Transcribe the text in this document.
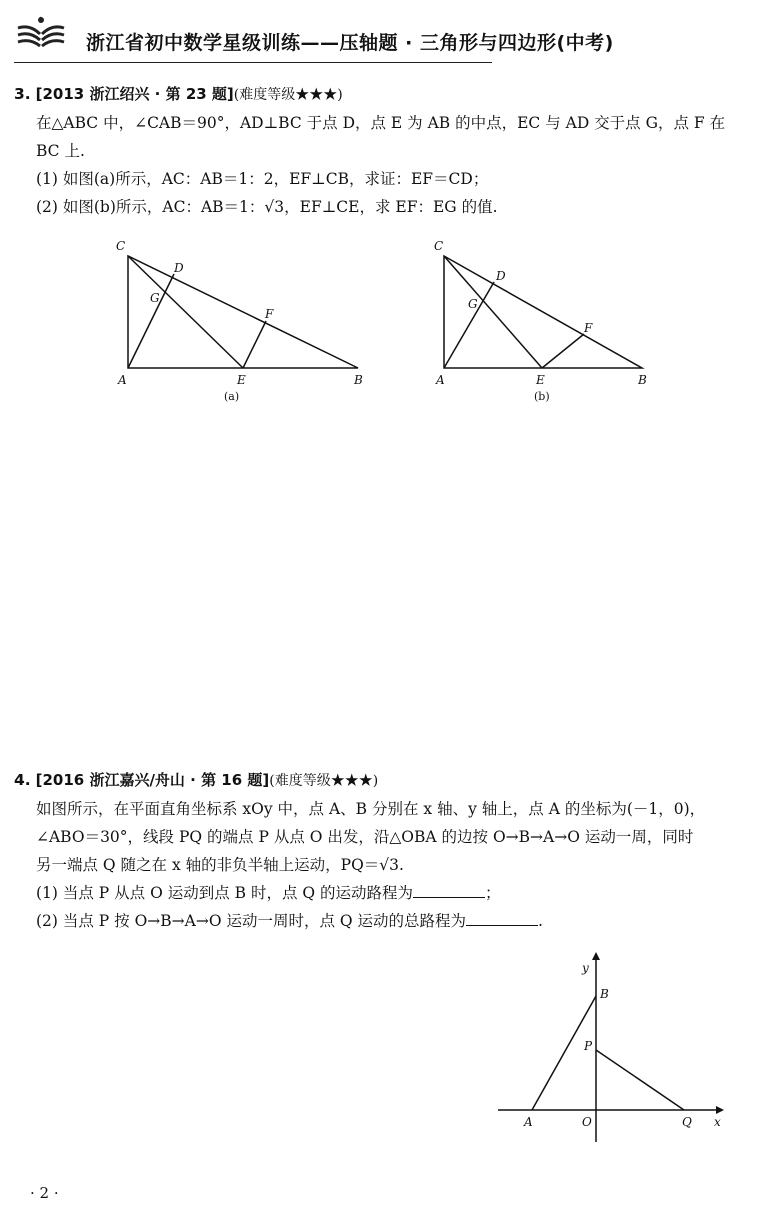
浙江省初中数学星级训练——压轴题 · 三角形与四边形(中考)
3. [2013 浙江绍兴 · 第 23 题](难度等级★★★)
在△ABC 中，∠CAB＝90°，AD⊥BC 于点 D，点 E 为 AB 的中点，EC 与 AD 交于点 G，点 F 在
BC 上.
(1) 如图(a)所示，AC：AB＝1：2，EF⊥CB，求证：EF＝CD；
(2) 如图(b)所示，AC：AB＝1：√3，EF⊥CE，求 EF：EG 的值.
C
D
G
F
A	E	B
(a)
C
D
G
F
A	E	B
(b)
4. [2016 浙江嘉兴/舟山 · 第 16 题](难度等级★★★)
如图所示，在平面直角坐标系 xOy 中，点 A、B 分别在 x 轴、y 轴上，点 A 的坐标为(－1，0)，
∠ABO＝30°，线段 PQ 的端点 P 从点 O 出发，沿△OBA 的边按 O→B→A→O 运动一周，同时
另一端点 Q 随之在 x 轴的非负半轴上运动，PQ＝√3.
(1) 当点 P 从点 O 运动到点 B 时，点 Q 的运动路程为	；
(2) 当点 P 按 O→B→A→O 运动一周时，点 Q 运动的总路程为	.
y
x
B
P
A	O	Q
· 2 ·
